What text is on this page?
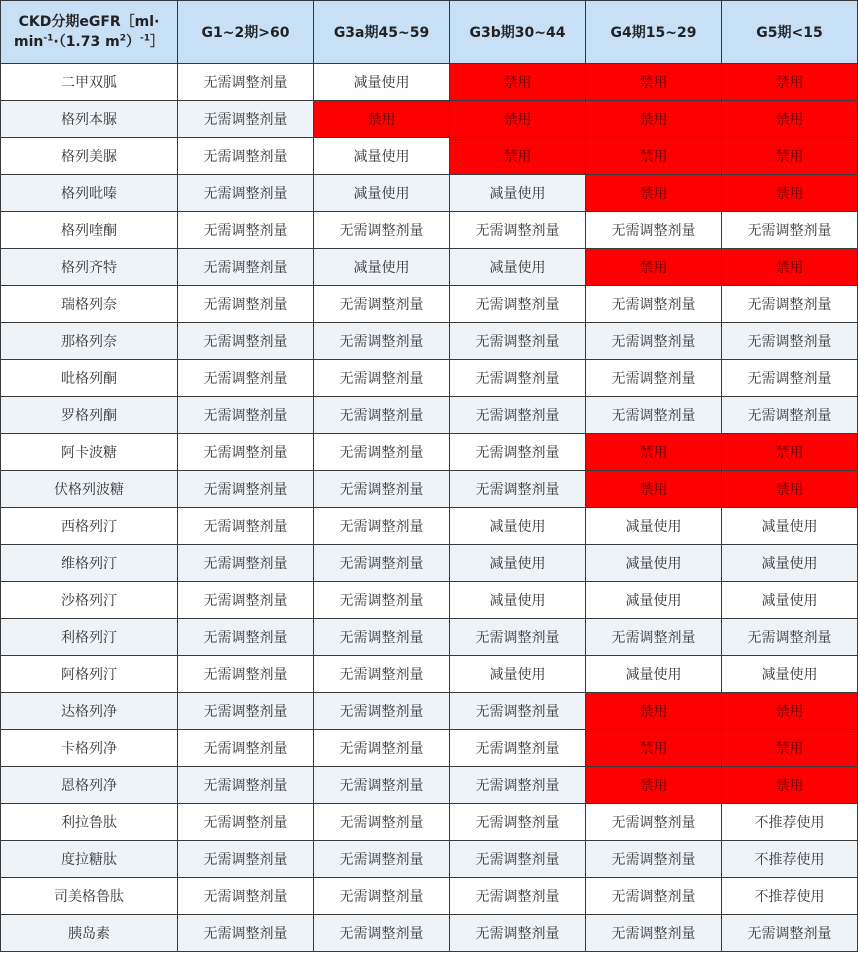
CKD分期eGFR［ml·
$\min^{-1}\cdot(1.73$ $m^2)^{-1}]$	G1~2期>60	G3a期45~59	G3b期30~44	G4期15~29	G5期<15
二甲双胍	无需调整剂量	减量使用	禁用	禁用	禁用
格列本脲	无需调整剂量	禁用	禁用	禁用	禁用
格列美脲	无需调整剂量	减量使用	禁用	禁用	禁用
格列吡嗪	无需调整剂量	减量使用	减量使用	禁用	禁用
格列喹酮	无需调整剂量	无需调整剂量	无需调整剂量	无需调整剂量	无需调整剂量
格列齐特	无需调整剂量	减量使用	减量使用	禁用	禁用
瑞格列奈	无需调整剂量	无需调整剂量	无需调整剂量	无需调整剂量	无需调整剂量
那格列奈	无需调整剂量	无需调整剂量	无需调整剂量	无需调整剂量	无需调整剂量
吡格列酮	无需调整剂量	无需调整剂量	无需调整剂量	无需调整剂量	无需调整剂量
罗格列酮	无需调整剂量	无需调整剂量	无需调整剂量	无需调整剂量	无需调整剂量
阿卡波糖	无需调整剂量	无需调整剂量	无需调整剂量	禁用	禁用
伏格列波糖	无需调整剂量	无需调整剂量	无需调整剂量	禁用	禁用
西格列汀	无需调整剂量	无需调整剂量	减量使用	减量使用	减量使用
维格列汀	无需调整剂量	无需调整剂量	减量使用	减量使用	减量使用
沙格列汀	无需调整剂量	无需调整剂量	减量使用	减量使用	减量使用
利格列汀	无需调整剂量	无需调整剂量	无需调整剂量	无需调整剂量	无需调整剂量
阿格列汀	无需调整剂量	无需调整剂量	减量使用	减量使用	减量使用
达格列净	无需调整剂量	无需调整剂量	无需调整剂量	禁用	禁用
卡格列净	无需调整剂量	无需调整剂量	无需调整剂量	禁用	禁用
恩格列净	无需调整剂量	无需调整剂量	无需调整剂量	禁用	禁用
利拉鲁肽	无需调整剂量	无需调整剂量	无需调整剂量	无需调整剂量	不推荐使用
度拉糖肽	无需调整剂量	无需调整剂量	无需调整剂量	无需调整剂量	不推荐使用
司美格鲁肽	无需调整剂量	无需调整剂量	无需调整剂量	无需调整剂量	不推荐使用
胰岛素	无需调整剂量	无需调整剂量	无需调整剂量	无需调整剂量	无需调整剂量
